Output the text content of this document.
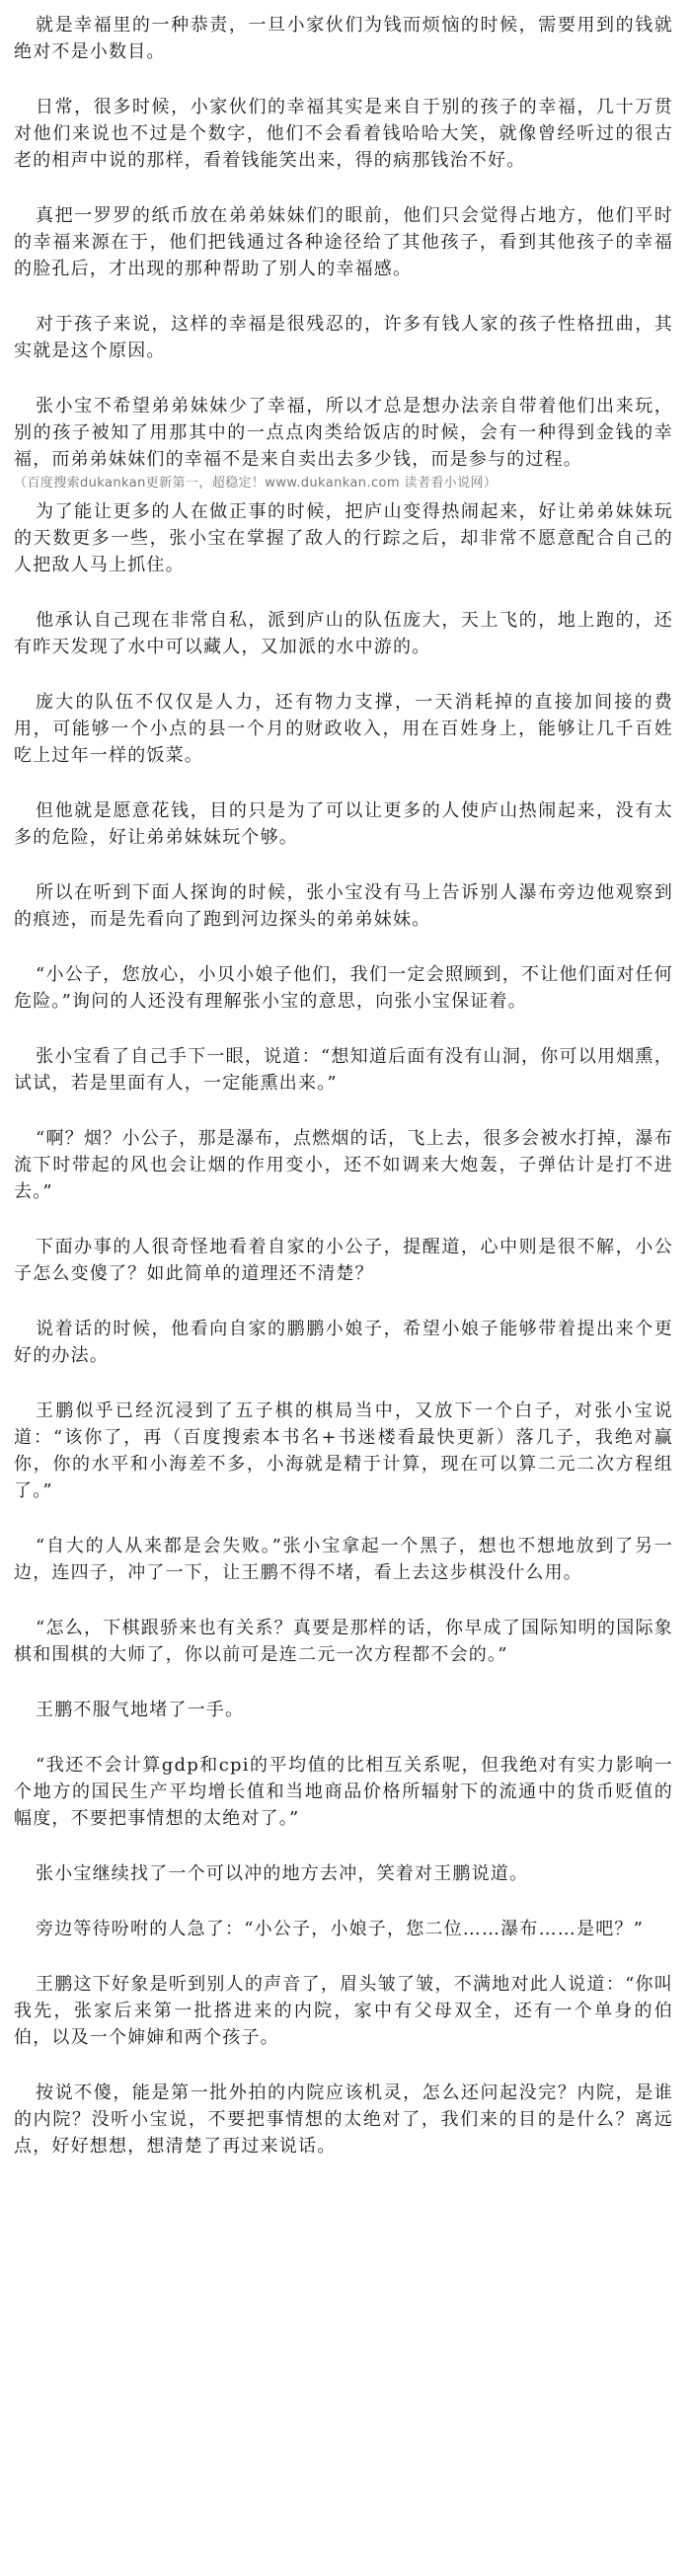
就是幸福里的一种恭责，一旦小家伙们为钱而烦恼的时候，需要用到的钱就绝对不是小数目。

日常，很多时候，小家伙们的幸福其实是来自于别的孩子的幸福，几十万贯对他们来说也不过是个数字，他们不会看着钱哈哈大笑，就像曾经听过的很古老的相声中说的那样，看着钱能笑出来，得的病那钱治不好。

真把一罗罗的纸币放在弟弟妹妹们的眼前，他们只会觉得占地方，他们平时的幸福来源在于，他们把钱通过各种途径给了其他孩子，看到其他孩子的幸福的脸孔后，才出现的那种帮助了别人的幸福感。

对于孩子来说，这样的幸福是很残忍的，许多有钱人家的孩子性格扭曲，其实就是这个原因。

张小宝不希望弟弟妹妹少了幸福，所以才总是想办法亲自带着他们出来玩，别的孩子被知了用那其中的一点点肉类给饭店的时候，会有一种得到金钱的幸福，而弟弟妹妹们的幸福不是来自卖出去多少钱，而是参与的过程。

（百度搜索dukankan更新第一，超稳定！www.dukankan.com 读者看小说网）

为了能让更多的人在做正事的时候，把庐山变得热闹起来，好让弟弟妹妹玩的天数更多一些，张小宝在掌握了敌人的行踪之后，却非常不愿意配合自己的人把敌人马上抓住。

他承认自己现在非常自私，派到庐山的队伍庞大，天上飞的，地上跑的，还有昨天发现了水中可以藏人，又加派的水中游的。

庞大的队伍不仅仅是人力，还有物力支撑，一天消耗掉的直接加间接的费用，可能够一个小点的县一个月的财政收入，用在百姓身上，能够让几千百姓吃上过年一样的饭菜。

但他就是愿意花钱，目的只是为了可以让更多的人使庐山热闹起来，没有太多的危险，好让弟弟妹妹玩个够。

所以在听到下面人探询的时候，张小宝没有马上告诉别人瀑布旁边他观察到的痕迹，而是先看向了跑到河边探头的弟弟妹妹。

“小公子，您放心，小贝小娘子他们，我们一定会照顾到，不让他们面对任何危险。”询问的人还没有理解张小宝的意思，向张小宝保证着。

张小宝看了自己手下一眼，说道：“想知道后面有没有山洞，你可以用烟熏，试试，若是里面有人，一定能熏出来。”

“啊？烟？小公子，那是瀑布，点燃烟的话，飞上去，很多会被水打掉，瀑布流下时带起的风也会让烟的作用变小，还不如调来大炮轰，子弹估计是打不进去。”

下面办事的人很奇怪地看着自家的小公子，提醒道，心中则是很不解，小公子怎么变傻了？如此简单的道理还不清楚？

说着话的时候，他看向自家的鹏鹏小娘子，希望小娘子能够带着提出来个更好的办法。

王鹏似乎已经沉浸到了五子棋的棋局当中，又放下一个白子，对张小宝说道：“该你了，再（百度搜索本书名+书迷楼看最快更新）落几子，我绝对赢你，你的水平和小海差不多，小海就是精于计算，现在可以算二元二次方程组了。”

“自大的人从来都是会失败。”张小宝拿起一个黑子，想也不想地放到了另一边，连四子，冲了一下，让王鹏不得不堵，看上去这步棋没什么用。

“怎么，下棋跟骄来也有关系？真要是那样的话，你早成了国际知明的国际象棋和围棋的大师了，你以前可是连二元一次方程都不会的。”

王鹏不服气地堵了一手。

“我还不会计算gdp和cpi的平均值的比相互关系呢，但我绝对有实力影响一个地方的国民生产平均增长值和当地商品价格所辐射下的流通中的货币贬值的幅度，不要把事情想的太绝对了。”

张小宝继续找了一个可以冲的地方去冲，笑着对王鹏说道。

旁边等待吩咐的人急了：“小公子，小娘子，您二位……瀑布……是吧？”

王鹏这下好象是听到别人的声音了，眉头皱了皱，不满地对此人说道：“你叫我先，张家后来第一批搭进来的内院，家中有父母双全，还有一个单身的伯伯，以及一个婶婶和两个孩子。

按说不傻，能是第一批外拍的内院应该机灵，怎么还问起没完？内院，是谁的内院？没听小宝说，不要把事情想的太绝对了，我们来的目的是什么？离远点，好好想想，想清楚了再过来说话。
